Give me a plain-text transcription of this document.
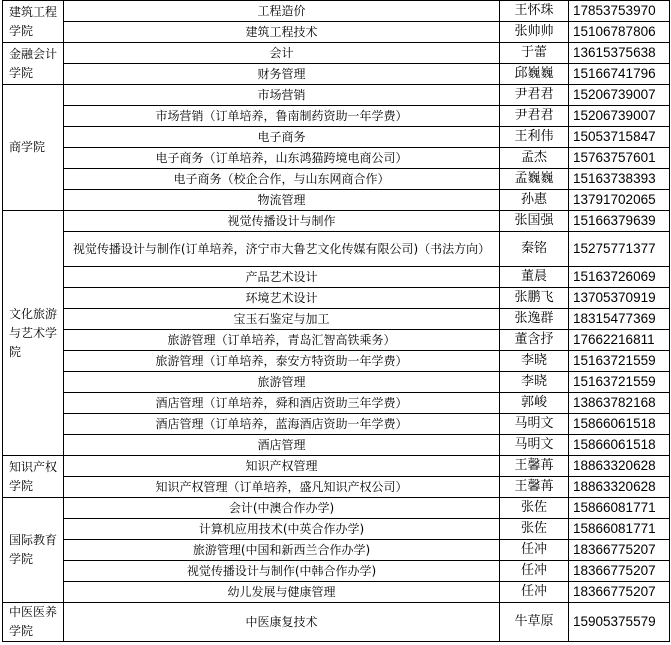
建筑工程学院	工程造价	王怀珠	17853753970
	建筑工程技术	张帅帅	15106787806
金融会计学院	会计	于蕾	13615375638
	财务管理	邱巍巍	15166741796
商学院	市场营销	尹君君	15206739007
	市场营销（订单培养，鲁南制药资助一年学费）	尹君君	15206739007
	电子商务	王利伟	15053715847
	电子商务（订单培养，山东鸿猫跨境电商公司）	孟杰	15763757601
	电子商务（校企合作，与山东网商合作）	孟巍巍	15163738393
	物流管理	孙惠	13791702065
文化旅游与艺术学院	视觉传播设计与制作	张国强	15166379639
	视觉传播设计与制作(订单培养，济宁市大鲁艺文化传媒有限公司)（书法方向）	秦铭	15275771377
	产品艺术设计	董晨	15163726069
	环境艺术设计	张鹏飞	13705370919
	宝玉石鉴定与加工	张逸群	18315477369
	旅游管理（订单培养，青岛汇智高铁乘务）	董含抒	17662216811
	旅游管理（订单培养，泰安方特资助一年学费）	李晓	15163721559
	旅游管理	李晓	15163721559
	酒店管理（订单培养，舜和酒店资助三年学费）	郭峻	13863782168
	酒店管理（订单培养，蓝海酒店资助一年学费）	马明文	15866061518
	酒店管理	马明文	15866061518
知识产权学院	知识产权管理	王馨苒	18863320628
	知识产权管理（订单培养，盛凡知识产权公司）	王馨苒	18863320628
国际教育学院	会计(中澳合作办学)	张佐	15866081771
	计算机应用技术(中英合作办学)	张佐	15866081771
	旅游管理(中国和新西兰合作办学)	任冲	18366775207
	视觉传播设计与制作(中韩合作办学)	任冲	18366775207
	幼儿发展与健康管理	任冲	18366775207
中医医养学院	中医康复技术	牛草原	15905375579
